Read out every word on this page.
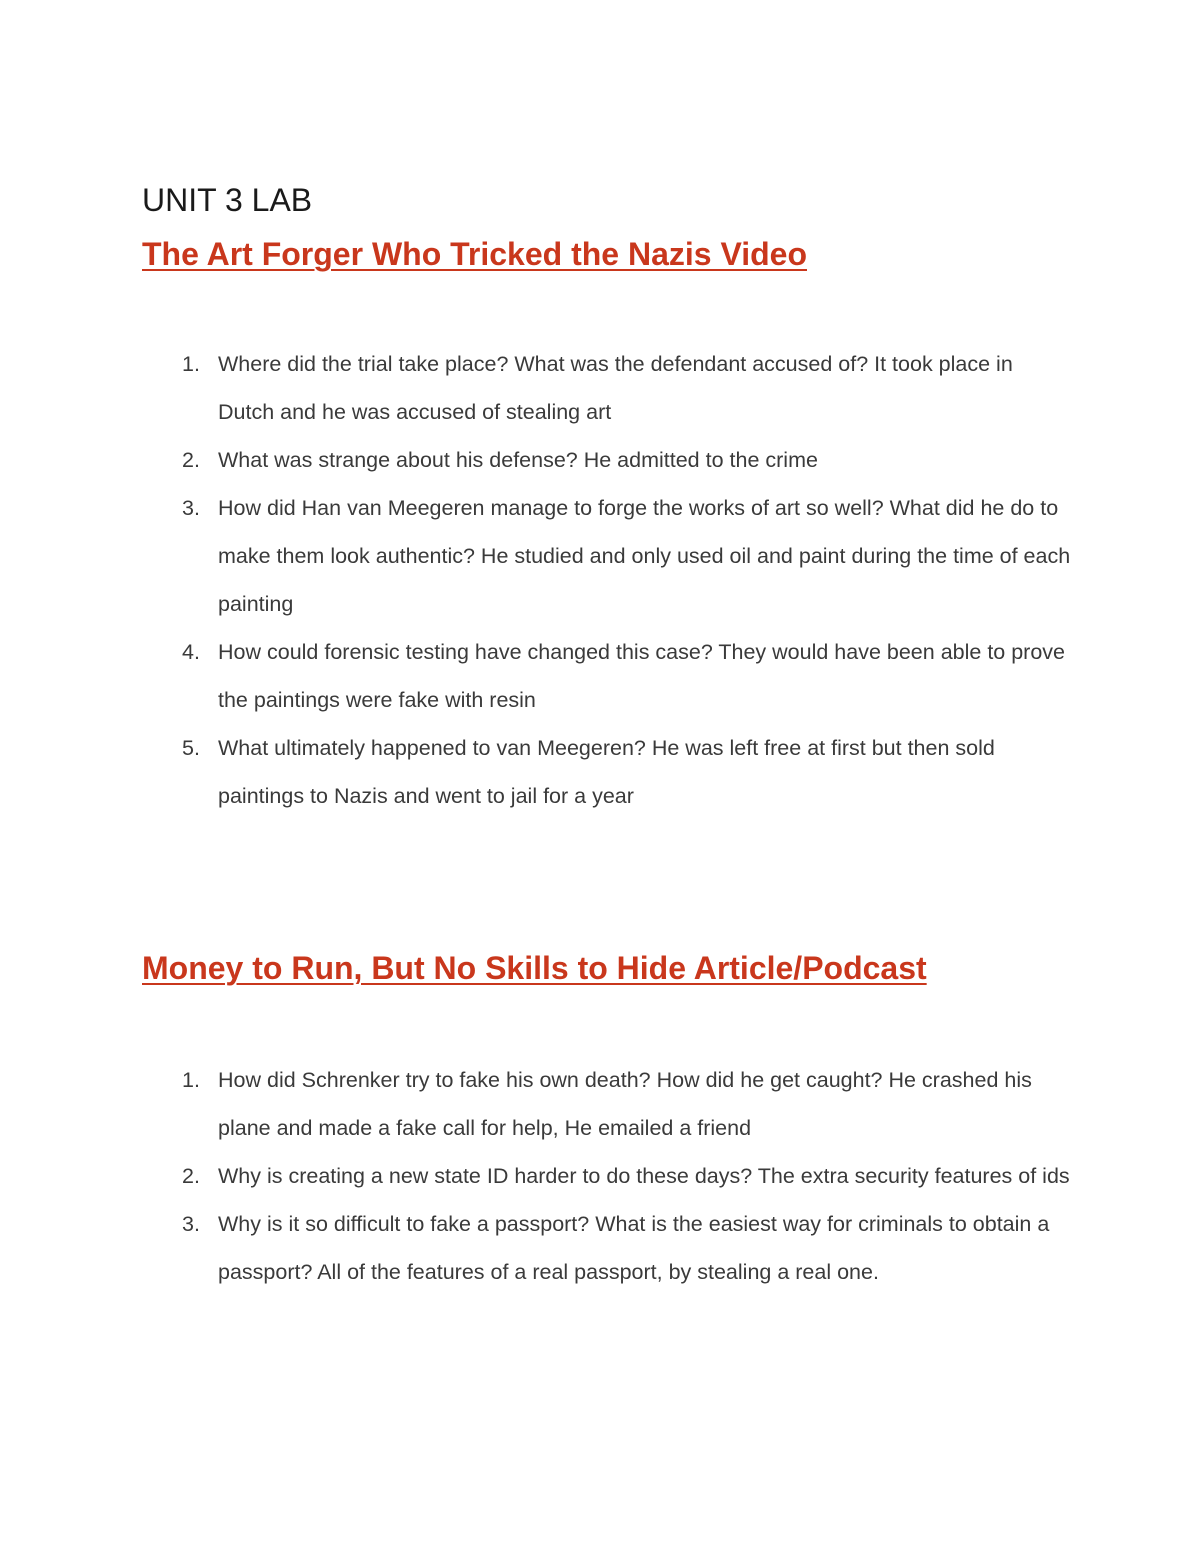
UNIT 3 LAB
The Art Forger Who Tricked the Nazis Video
1. Where did the trial take place? What was the defendant accused of? It took place in Dutch and he was accused of stealing art
2. What was strange about his defense? He admitted to the crime
3. How did Han van Meegeren manage to forge the works of art so well? What did he do to make them look authentic? He studied and only used oil and paint during the time of each painting
4. How could forensic testing have changed this case? They would have been able to prove the paintings were fake with resin
5. What ultimately happened to van Meegeren? He was left free at first but then sold paintings to Nazis and went to jail for a year
Money to Run, But No Skills to Hide Article/Podcast
1. How did Schrenker try to fake his own death? How did he get caught? He crashed his plane and made a fake call for help, He emailed a friend
2. Why is creating a new state ID harder to do these days? The extra security features of ids
3. Why is it so difficult to fake a passport? What is the easiest way for criminals to obtain a passport? All of the features of a real passport, by stealing a real one.
